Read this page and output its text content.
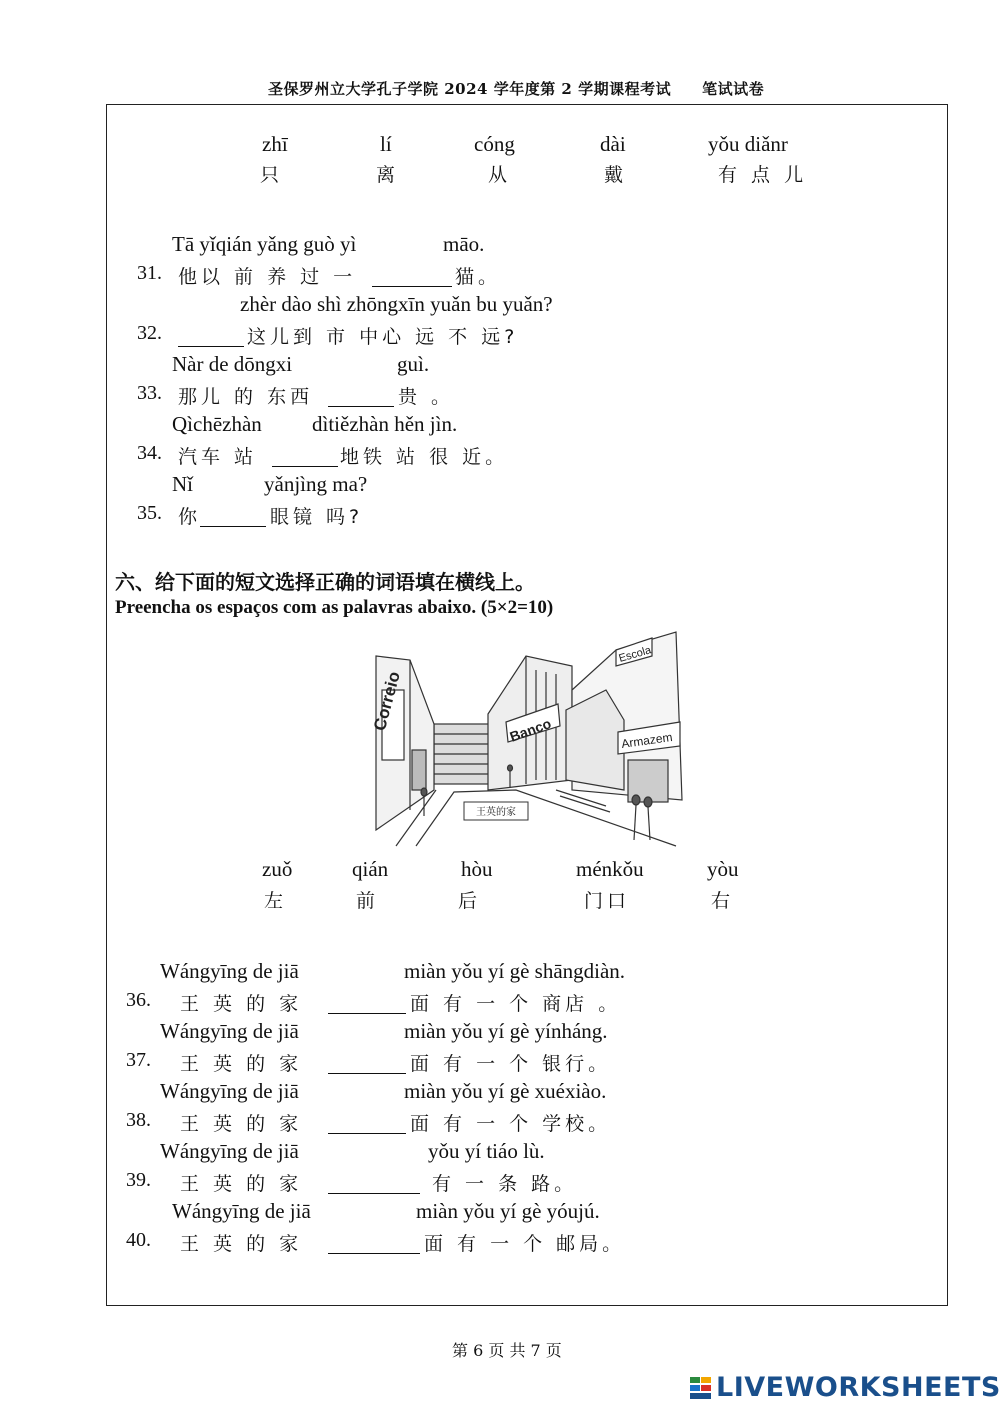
圣保罗州立大学孔子学院 2024 学年度第 2 学期课程考试　　笔试试卷
zhī	lí	cóng	dài	yǒu diǎnr
只	离	从	戴	有 点 儿
Tā yǐqián yǎng guò yì	māo.
31. 他以 前 养 过 一	猫。
zhèr dào shì zhōngxīn yuǎn bu yuǎn?
32.	这儿到 市 中心 远 不 远?
Nàr de dōngxi	guì.
33. 那儿 的 东西	贵 。
Qìchēzhàn dìtiězhàn hěn jìn.
34. 汽车 站	地铁 站 很 近。
Nǐ	yǎnjìng ma?
35. 你	眼镜 吗?
六、给下面的短文选择正确的词语填在横线上。
Preencha os espaços com as palavras abaixo. (5×2=10)
Correio	Banco
Escola
Armazem
王英的家
zuǒ	qián	hòu	ménkǒu	yòu
左	前	后	门口	右
Wángyīng de jiā	miàn yǒu yí gè shāngdiàn.
36. 王 英 的 家	面 有 一 个 商店 。
Wángyīng de jiā	miàn yǒu yí gè yínháng.
37. 王 英 的 家	面 有 一 个 银行。
Wángyīng de jiā	miàn yǒu yí gè xuéxiào.
38. 王 英 的 家	面 有 一 个 学校。
Wángyīng de jiā	yǒu yí tiáo lù.
39. 王 英 的 家	有 一 条 路。
Wángyīng de jiā	miàn yǒu yí gè yóujú.
40. 王 英 的 家	面 有 一 个 邮局。
第 6 页 共 7 页
LIVEWORKSHEETS
